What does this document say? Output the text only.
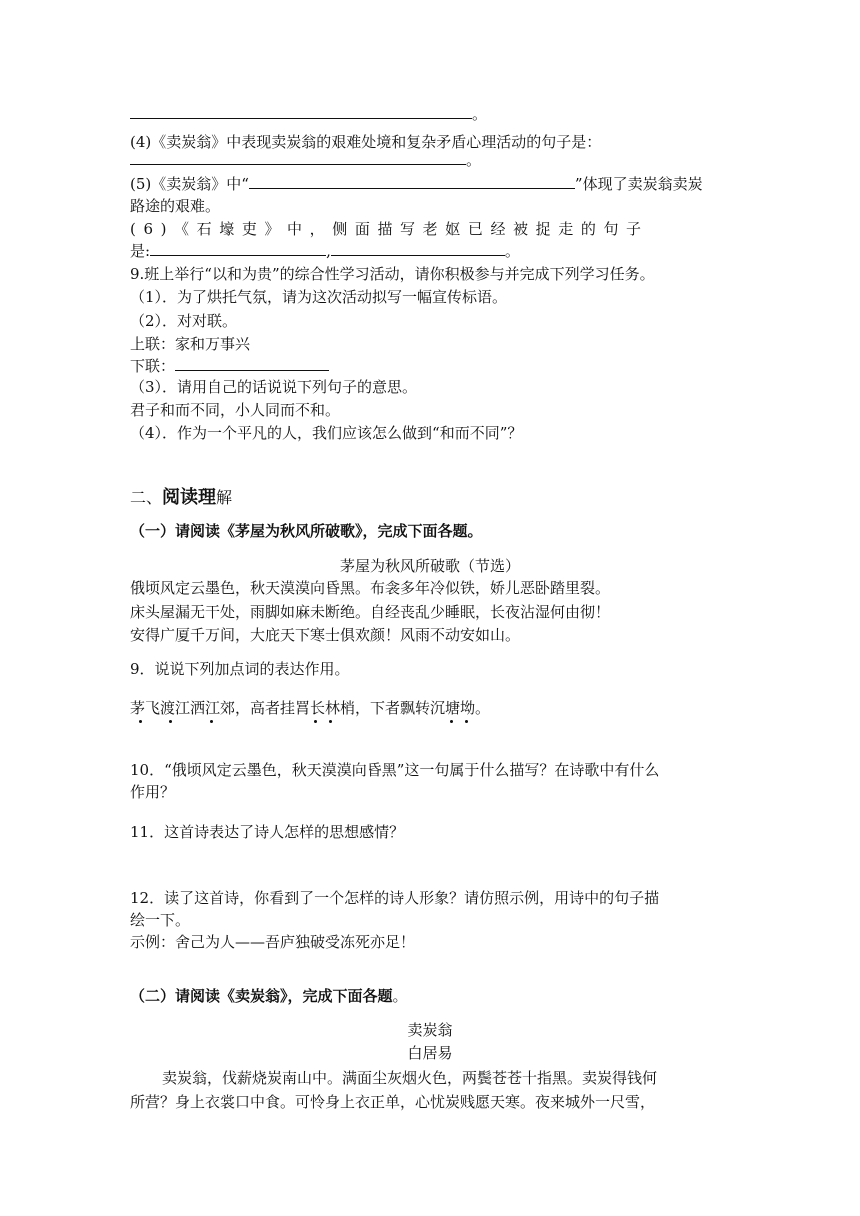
。
(4)《卖炭翁》中表现卖炭翁的艰难处境和复杂矛盾心理活动的句子是：
。
(5)《卖炭翁》中“	”体现了卖炭翁卖炭
路途的艰难。
(6)《石壕吏》中，侧面描写老妪已经被捉走的句子
是:	,	。
9.班上举行“以和为贵”的综合性学习活动，请你积极参与并完成下列学习任务。
（1）．为了烘托气氛，请为这次活动拟写一幅宣传标语。
（2）．对对联。
上联：家和万事兴
下联：
（3）．请用自己的话说说下列句子的意思。
君子和而不同，小人同而不和。
（4）．作为一个平凡的人，我们应该怎么做到“和而不同”？
二、阅读理解
（一）请阅读《茅屋为秋风所破歌》，完成下面各题。
茅屋为秋风所破歌（节选）
俄顷风定云墨色，秋天漠漠向昏黑。布衾多年冷似铁，娇儿恶卧踏里裂。
床头屋漏无干处，雨脚如麻未断绝。自经丧乱少睡眠，长夜沾湿何由彻！
安得广厦千万间，大庇天下寒士俱欢颜！风雨不动安如山。
9．说说下列加点词的表达作用。
茅飞渡江洒江郊，高者挂罥长林梢，下者飘转沉塘坳。
10．“俄顷风定云墨色，秋天漠漠向昏黑”这一句属于什么描写？在诗歌中有什么
作用？
11．这首诗表达了诗人怎样的思想感情？
12．读了这首诗，你看到了一个怎样的诗人形象？请仿照示例，用诗中的句子描
绘一下。
示例：舍己为人——吾庐独破受冻死亦足！
（二）请阅读《卖炭翁》，完成下面各题。
卖炭翁
白居易
卖炭翁，伐薪烧炭南山中。满面尘灰烟火色，两鬓苍苍十指黑。卖炭得钱何
所营？身上衣裳口中食。可怜身上衣正单，心忧炭贱愿天寒。夜来城外一尺雪，
